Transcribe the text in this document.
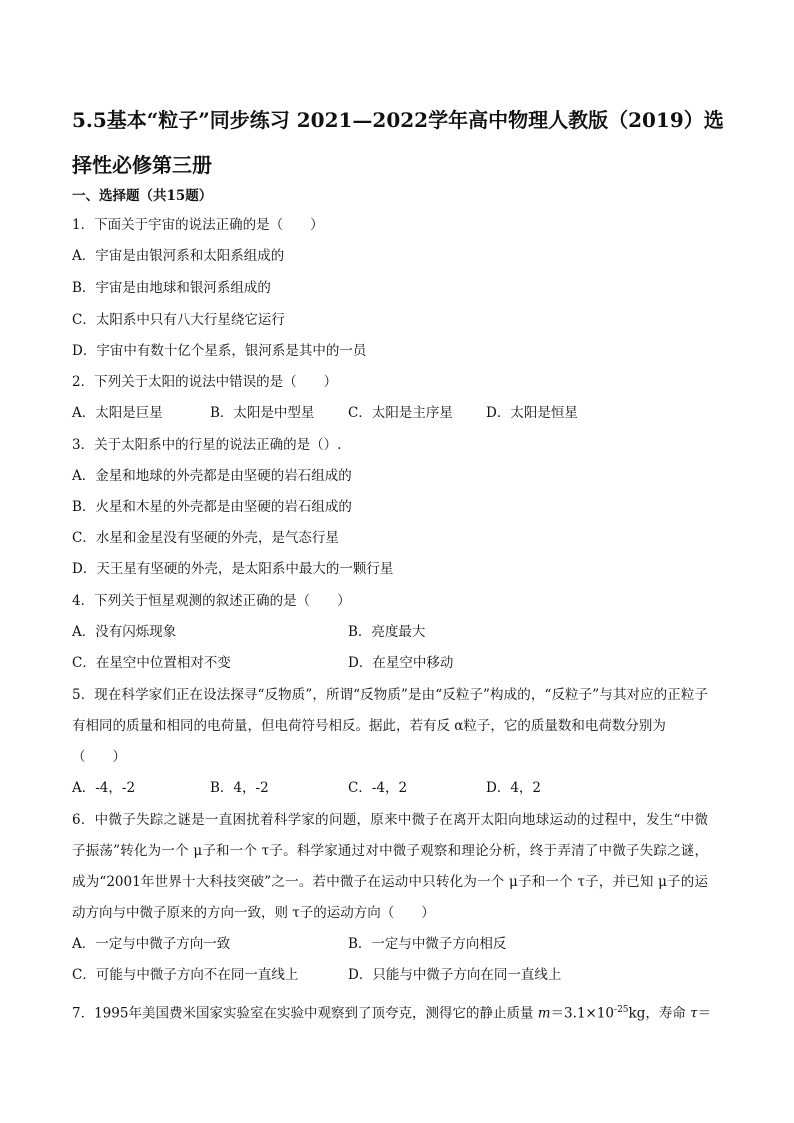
5.5基本“粒子”同步练习 2021—2022学年高中物理人教版（2019）选择性必修第三册

一、选择题（共15题）

1．下面关于宇宙的说法正确的是（　　）

A．宇宙是由银河系和太阳系组成的

B．宇宙是由地球和银河系组成的

C．太阳系中只有八大行星绕它运行

D．宇宙中有数十亿个星系，银河系是其中的一员

2．下列关于太阳的说法中错误的是（　　）

A．太阳是巨星	B．太阳是中型星 C．太阳是主序星 D．太阳是恒星

3．关于太阳系中的行星的说法正确的是（）.

A．金星和地球的外壳都是由坚硬的岩石组成的

B．火星和木星的外壳都是由坚硬的岩石组成的

C．水星和金星没有坚硬的外壳，是气态行星

D．天王星有坚硬的外壳，是太阳系中最大的一颗行星

4．下列关于恒星观测的叙述正确的是（　　）

A．没有闪烁现象	B．亮度最大
C．在星空中位置相对不变	D．在星空中移动

5．现在科学家们正在设法探寻“反物质”，所谓“反物质”是由“反粒子”构成的，“反粒子”与其对应的正粒子

有相同的质量和相同的电荷量，但电荷符号相反。据此，若有反 α粒子，它的质量数和电荷数分别为

（　　）

A．-4，-2	B．4，-2	C．-4，2	D．4，2

6．中微子失踪之谜是一直困扰着科学家的问题，原来中微子在离开太阳向地球运动的过程中，发生“中微

子振荡”转化为一个 μ子和一个 τ子。科学家通过对中微子观察和理论分析，终于弄清了中微子失踪之谜，

成为“2001年世界十大科技突破”之一。若中微子在运动中只转化为一个 μ子和一个 τ子，并已知 μ子的运

动方向与中微子原来的方向一致，则 τ子的运动方向（　　）

A．一定与中微子方向一致	B．一定与中微子方向相反
C．可能与中微子方向不在同一直线上	D．只能与中微子方向在同一直线上

7．1995年美国费米国家实验室在实验中观察到了顶夸克，测得它的静止质量 $m=3.1\times 10^{-25}kg$，寿命 τ＝
